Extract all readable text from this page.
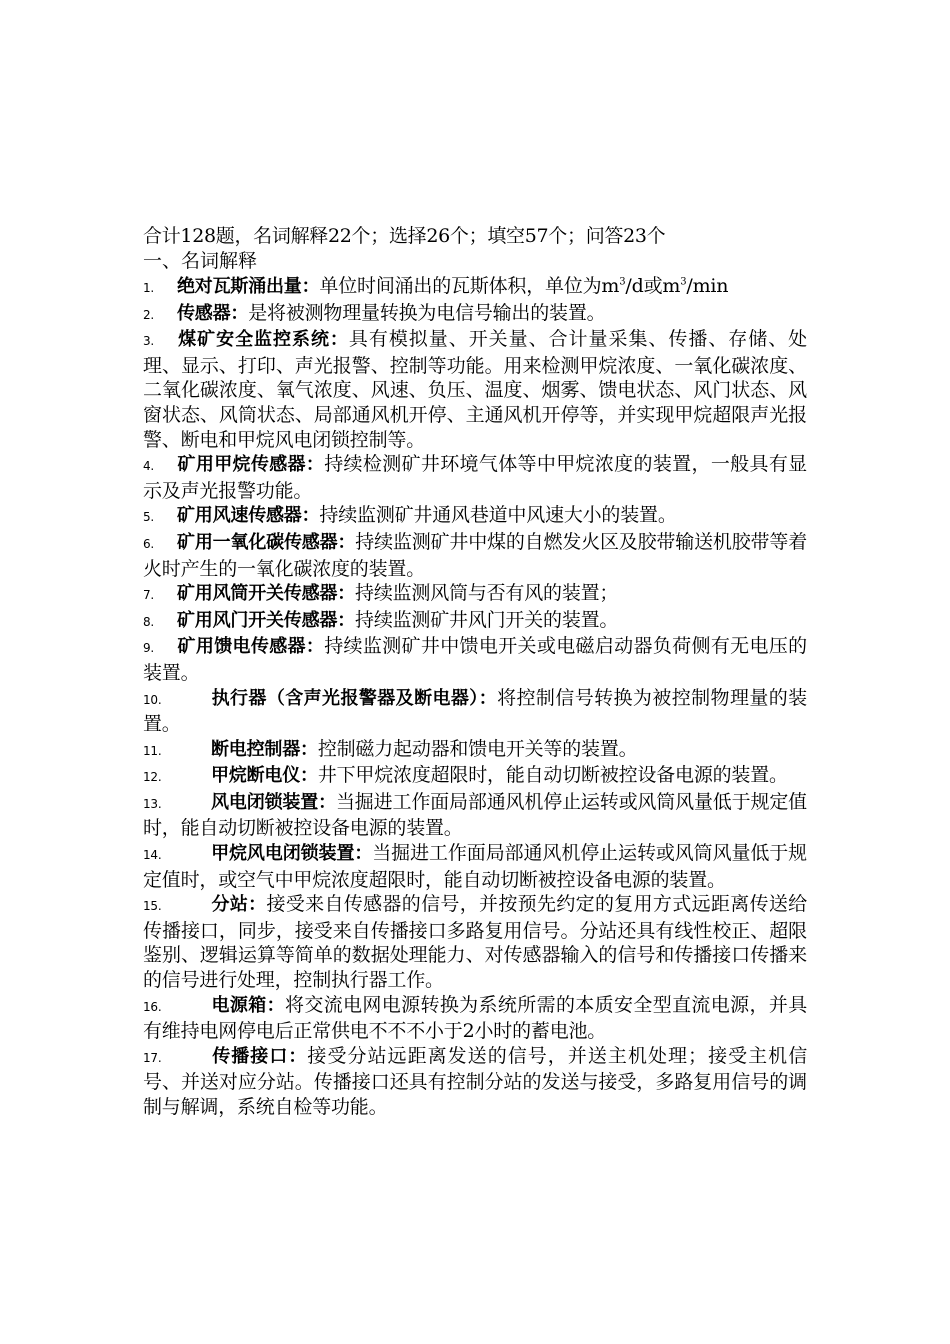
合计128题，名词解释22个；选择26个；填空57个；问答23个
一、名词解释
1. 绝对瓦斯涌出量：单位时间涌出的瓦斯体积，单位为$m^3/d$或$m^3/\min$
2. 传感器：是将被测物理量转换为电信号输出的装置。
3. 煤矿安全监控系统：具有模拟量、开关量、合计量采集、传播、存储、处理、显示、打印、声光报警、控制等功能。用来检测甲烷浓度、一氧化碳浓度、二氧化碳浓度、氧气浓度、风速、负压、温度、烟雾、馈电状态、风门状态、风窗状态、风筒状态、局部通风机开停、主通风机开停等，并实现甲烷超限声光报警、断电和甲烷风电闭锁控制等。
4. 矿用甲烷传感器：持续检测矿井环境气体等中甲烷浓度的装置，一般具有显示及声光报警功能。
5. 矿用风速传感器：持续监测矿井通风巷道中风速大小的装置。
6. 矿用一氧化碳传感器：持续监测矿井中煤的自燃发火区及胶带输送机胶带等着火时产生的一氧化碳浓度的装置。
7. 矿用风筒开关传感器：持续监测风筒与否有风的装置；
8. 矿用风门开关传感器：持续监测矿井风门开关的装置。
9. 矿用馈电传感器：持续监测矿井中馈电开关或电磁启动器负荷侧有无电压的装置。
10.	执行器（含声光报警器及断电器）：将控制信号转换为被控制物理量的装置。
11.	断电控制器：控制磁力起动器和馈电开关等的装置。
12.	甲烷断电仪：井下甲烷浓度超限时，能自动切断被控设备电源的装置。
13.	风电闭锁装置：当掘进工作面局部通风机停止运转或风筒风量低于规定值时，能自动切断被控设备电源的装置。
14.	甲烷风电闭锁装置：当掘进工作面局部通风机停止运转或风筒风量低于规定值时，或空气中甲烷浓度超限时，能自动切断被控设备电源的装置。
15.	分站：接受来自传感器的信号，并按预先约定的复用方式远距离传送给传播接口，同步，接受来自传播接口多路复用信号。分站还具有线性校正、超限鉴别、逻辑运算等简单的数据处理能力、对传感器输入的信号和传播接口传播来的信号进行处理，控制执行器工作。
16.	电源箱：将交流电网电源转换为系统所需的本质安全型直流电源，并具有维持电网停电后正常供电不不不小于2小时的蓄电池。
17.	传播接口：接受分站远距离发送的信号，并送主机处理；接受主机信号、并送对应分站。传播接口还具有控制分站的发送与接受，多路复用信号的调制与解调，系统自检等功能。
